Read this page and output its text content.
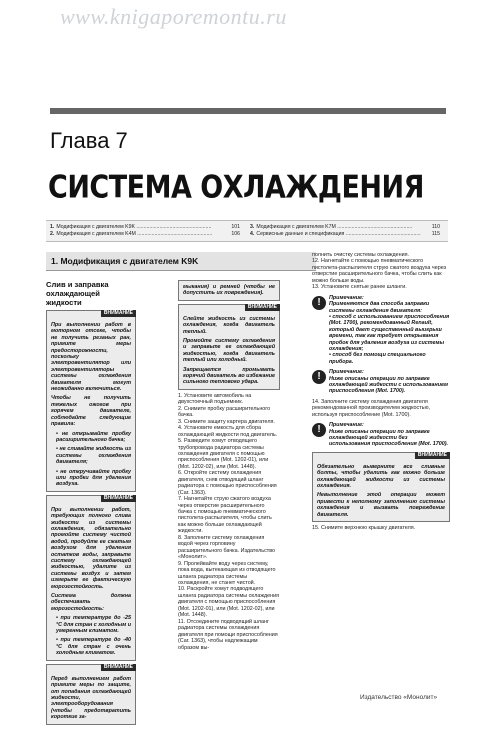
www.knigaporemontu.ru
Глава 7
СИСТЕМА ОХЛАЖДЕНИЯ
1. Модификация с двигателем K9K ....................................................	101
2. Модификация с двигателем K4M ....................................................	106
3. Модификация с двигателем K7M ....................................................	110
4. Сервисные данные и спецификация ....................................................	115
1. Модификация с двигателем K9K
Слив и заправка охлаждающей жидкости
ВНИМАНИЕ

При выполнении работ в моторном отсеке, чтобы не получить резаных ран, примите меры предосторожности, поскольку электровентилятор или электровентиляторы системы охлаждения двигателя могут неожиданно включиться.

Чтобы не получить тяжелых ожогов при горячем двигателе, соблюдайте следующие правила:

• не открывайте пробку расширительного бачка;

• не сливайте жидкость из системы охлаждения двигателя;

• не откручивайте пробку или пробки для удаления воздуха.

ВНИМАНИЕ

При выполнении работ, требующих полного слива жидкости из системы охлаждения, обязательно промойте систему чистой водой, продуйте ее сжатым воздухом для удаления остатков воды, заправьте систему охлаждающей жидкостью, удалите из системы воздух и затем измерьте ее фактическую морозостойкость.

Система должна обеспечивать морозостойкость:

• при температуре до -25 °С для стран с холодным и умеренным климатом.

• при температуре до -40 °С для стран с очень холодным климатом.

ВНИМАНИЕ

Перед выполнением работ примите меры по защите, от попадания охлаждающей жидкости, электрооборудования (чтобы предотвратить короткие за-

мыкания) и ремней (чтобы не допустить их повреждения).

ВНИМАНИЕ

Слейте жидкость из системы охлаждения, когда двигатель теплый.

Промойте систему охлаждения и заправьте ее охлаждающей жидкостью, когда двигатель теплый или холодный.

Запрещается промывать горячий двигатель во избежание сильного теплового удара.

1. Установите автомобиль на двухстоечный подъемник.

2. Снимите пробку расширительного бачка.

3. Снимите защиту картера двигателя.

4. Установите емкость для сбора охлаждающей жидкости под двигатель.

5. Разведите хомут отводящего трубопровода радиатора системы охлаждения двигателя с помощью приспособления (Mot. 1202-01), или (Mot. 1202-02), или (Mot. 1448).

6. Откройте систему охлаждения двигателя, сняв отводящий шланг радиатора с помощью приспособления (Car. 1363).

7. Нагнетайте струю сжатого воздуха через отверстие расширительного бачка с помощью пневматического пистолета-распылителя, чтобы слить как можно больше охлаждающей жидкости.

8. Заполните систему охлаждения водой через горловину расширительного бачка. Издательство «Монолит».

9. Пролейвайте воду через систему, пока вода, вытекающая из отводящего шланга радиатора системы охлаждения, не станет чистой.

10. Раскройте хомут подводящего шланга радиатора системы охлаждения двигателя с помощью приспособления (Mot. 1202-01), или (Mot. 1202-02), или (Mot. 1448).

11. Отсоедините подводящий шланг радиатора системы охлаждения двигателя при помощи приспособления (Car. 1363), чтобы надлежащим образом вы-

полнить очистку системы охлаждения.

12. Нагнетайте с помощью пневматического пистолета-распылителя струю сжатого воздуха через отверстие расширительного бачка, чтобы слить как можно больше воды.

13. Установите снятые ранее шланги.

!	Примечание:

Применяются два способа заправки системы охлаждения двигателя:

• способ с использованием приспособления (Mot. 1700), рекомендованный Renault, который дает существенный выигрыш времени, так как требует открывания пробок для удаления воздуха из системы охлаждения;

• способ без помощи специального прибора.

!	Примечание:

Ниже описаны операции по заправке охлаждающей жидкости с использованием приспособления (Mot. 1700).

14. Заполните систему охлаждения двигателя рекомендованной производителем жидкостью, используя приспособление (Mot. 1700).

!	Примечание:

Ниже описаны операции по заправке охлаждающей жидкости без использования приспособления (Mot. 1700).

ВНИМАНИЕ

Обязательно выверните все сливные болты, чтобы удалить как можно больше охлаждающей жидкости из системы охлаждения.

Невыполнение этой операции может привести к неполному заполнению системы охлаждения и вызвать повреждение двигателя.

15. Снимите верхнюю крышку двигателя.

Издательство «Монолит»
